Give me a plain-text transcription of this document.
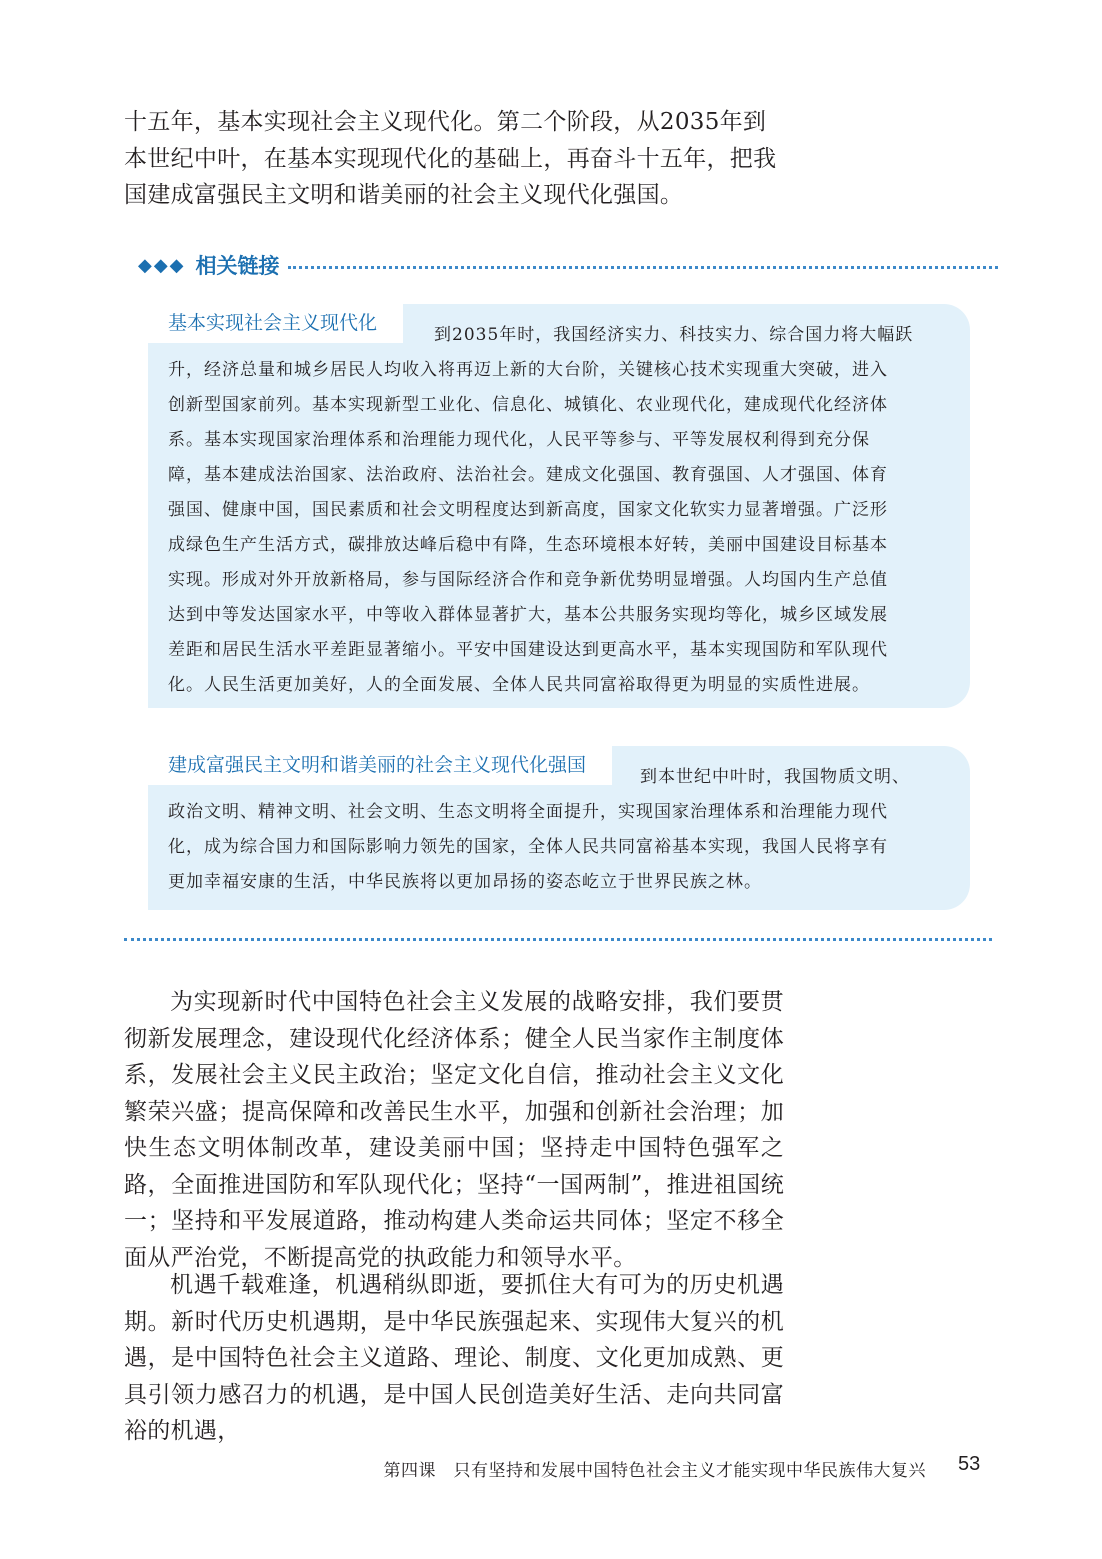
十五年，基本实现社会主义现代化。第二个阶段，从2035年到
本世纪中叶，在基本实现现代化的基础上，再奋斗十五年，把我
国建成富强民主文明和谐美丽的社会主义现代化强国。
◆◆◆ 相关链接
基本实现社会主义现代化
到2035年时，我国经济实力、科技实力、综合国力将大幅跃
升，经济总量和城乡居民人均收入将再迈上新的大台阶，关键核心技术实现重大突破，进入
创新型国家前列。基本实现新型工业化、信息化、城镇化、农业现代化，建成现代化经济体
系。基本实现国家治理体系和治理能力现代化，人民平等参与、平等发展权利得到充分保
障，基本建成法治国家、法治政府、法治社会。建成文化强国、教育强国、人才强国、体育
强国、健康中国，国民素质和社会文明程度达到新高度，国家文化软实力显著增强。广泛形
成绿色生产生活方式，碳排放达峰后稳中有降，生态环境根本好转，美丽中国建设目标基本
实现。形成对外开放新格局，参与国际经济合作和竞争新优势明显增强。人均国内生产总值
达到中等发达国家水平，中等收入群体显著扩大，基本公共服务实现均等化，城乡区域发展
差距和居民生活水平差距显著缩小。平安中国建设达到更高水平，基本实现国防和军队现代
化。人民生活更加美好，人的全面发展、全体人民共同富裕取得更为明显的实质性进展。
建成富强民主文明和谐美丽的社会主义现代化强国
到本世纪中叶时，我国物质文明、
政治文明、精神文明、社会文明、生态文明将全面提升，实现国家治理体系和治理能力现代
化，成为综合国力和国际影响力领先的国家，全体人民共同富裕基本实现，我国人民将享有
更加幸福安康的生活，中华民族将以更加昂扬的姿态屹立于世界民族之林。

为实现新时代中国特色社会主义发展的战略安排，我们要贯彻新发展理念，建设现代化经济体系；健全人民当家作主制度体系，发展社会主义民主政治；坚定文化自信，推动社会主义文化繁荣兴盛；提高保障和改善民生水平，加强和创新社会治理；加快生态文明体制改革，建设美丽中国；坚持走中国特色强军之路，全面推进国防和军队现代化；坚持“一国两制”，推进祖国统一；坚持和平发展道路，推动构建人类命运共同体；坚定不移全面从严治党，不断提高党的执政能力和领导水平。

机遇千载难逢，机遇稍纵即逝，要抓住大有可为的历史机遇期。新时代历史机遇期，是中华民族强起来、实现伟大复兴的机遇，是中国特色社会主义道路、理论、制度、文化更加成熟、更具引领力感召力的机遇，是中国人民创造美好生活、走向共同富裕的机遇，

第四课　只有坚持和发展中国特色社会主义才能实现中华民族伟大复兴 53
